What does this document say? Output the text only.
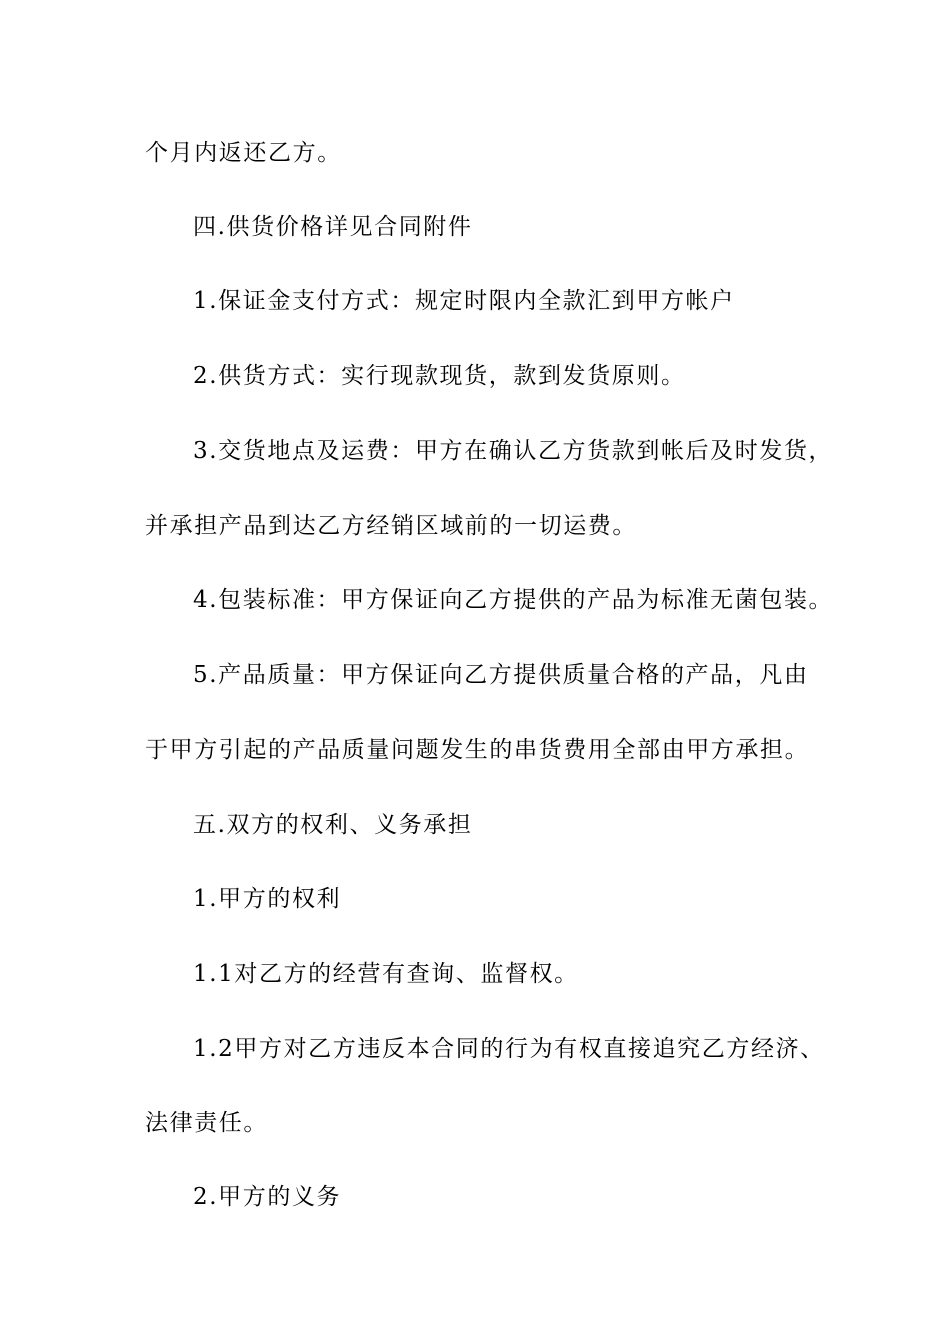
个月内返还乙方。

四.供货价格详见合同附件

1.保证金支付方式：规定时限内全款汇到甲方帐户

2.供货方式：实行现款现货，款到发货原则。

3.交货地点及运费：甲方在确认乙方货款到帐后及时发货，

并承担产品到达乙方经销区域前的一切运费。

4.包装标准：甲方保证向乙方提供的产品为标准无菌包装。

5.产品质量：甲方保证向乙方提供质量合格的产品，凡由

于甲方引起的产品质量问题发生的串货费用全部由甲方承担。

五.双方的权利、义务承担

1.甲方的权利

1.1对乙方的经营有查询、监督权。

1.2甲方对乙方违反本合同的行为有权直接追究乙方经济、

法律责任。

2.甲方的义务
